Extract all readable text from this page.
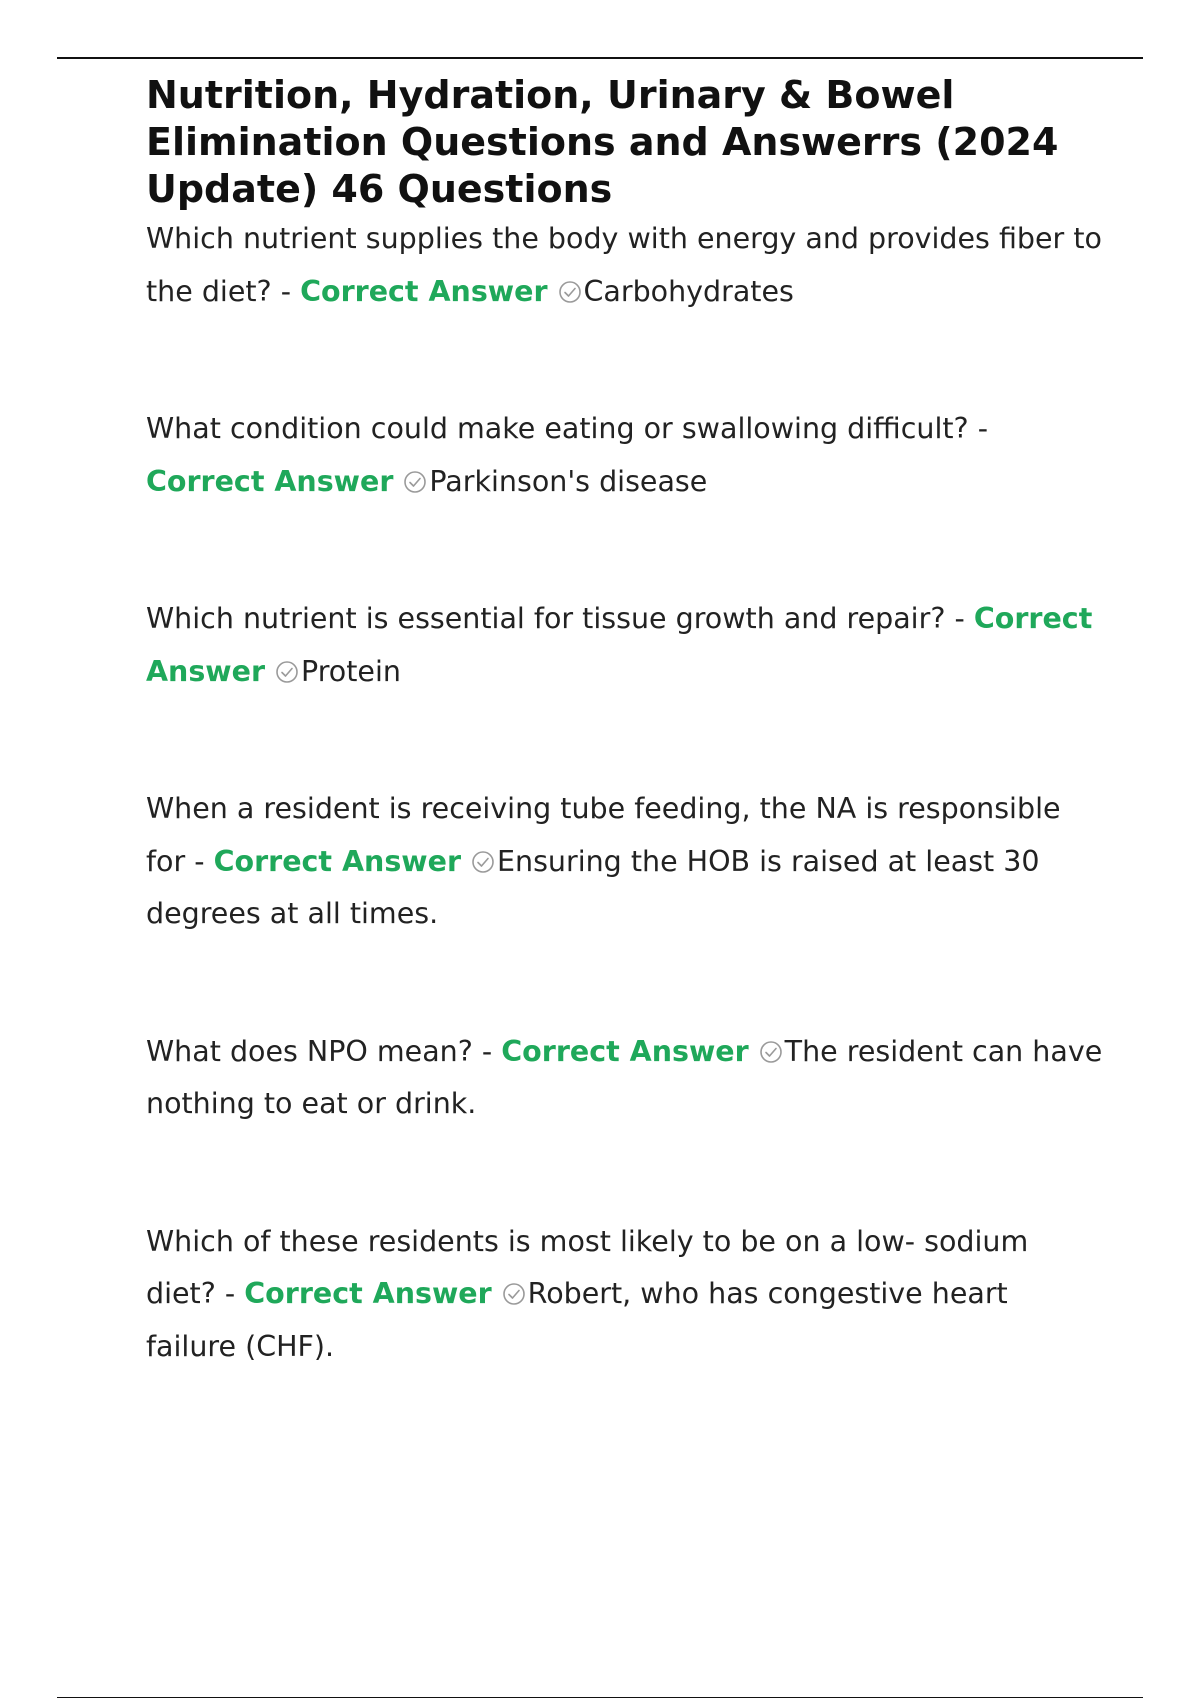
Nutrition, Hydration, Urinary & Bowel Elimination Questions and Answerrs (2024 Update) 46 Questions
Which nutrient supplies the body with energy and provides fiber to the diet? - Correct Answer Carbohydrates
What condition could make eating or swallowing difficult? - Correct Answer Parkinson's disease
Which nutrient is essential for tissue growth and repair? - Correct Answer Protein
When a resident is receiving tube feeding, the NA is responsible for - Correct Answer Ensuring the HOB is raised at least 30 degrees at all times.
What does NPO mean? - Correct Answer The resident can have nothing to eat or drink.
Which of these residents is most likely to be on a low- sodium diet? - Correct Answer Robert, who has congestive heart failure (CHF).
